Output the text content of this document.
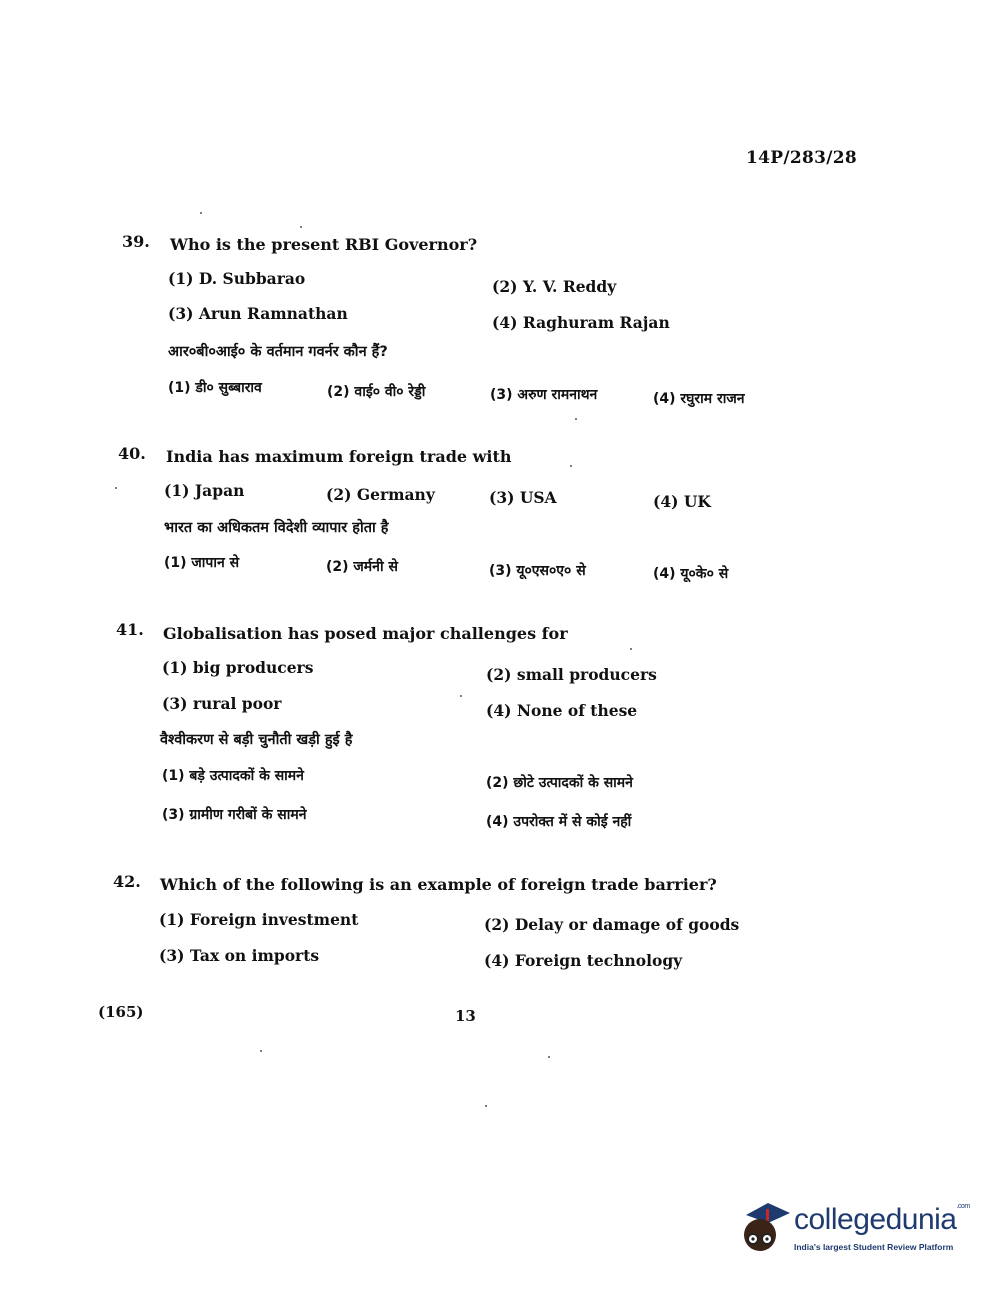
14P/283/28
39. Who is the present RBI Governor?
(1) D. Subbarao	(2) Y. V. Reddy
(3) Arun Ramnathan	(4) Raghuram Rajan
आर०बी०आई० के वर्तमान गवर्नर कौन हैं?
(1) डी० सुब्बाराव	(2) वाई० वी० रेड्डी	(3) अरुण रामनाथन	(4) रघुराम राजन
40. India has maximum foreign trade with
(1) Japan	(2) Germany	(3) USA	(4) UK
भारत का अधिकतम विदेशी व्यापार होता है
(1) जापान से	(2) जर्मनी से	(3) यू०एस०ए० से	(4) यू०के० से
41. Globalisation has posed major challenges for
(1) big producers	(2) small producers
(3) rural poor	(4) None of these
वैश्वीकरण से बड़ी चुनौती खड़ी हुई है
(1) बड़े उत्पादकों के सामने	(2) छोटे उत्पादकों के सामने
(3) ग्रामीण गरीबों के सामने	(4) उपरोक्त में से कोई नहीं
42. Which of the following is an example of foreign trade barrier?
(1) Foreign investment	(2) Delay or damage of goods
(3) Tax on imports	(4) Foreign technology
(165)	13
collegedunia$^{.com}$
India's largest Student Review Platform
